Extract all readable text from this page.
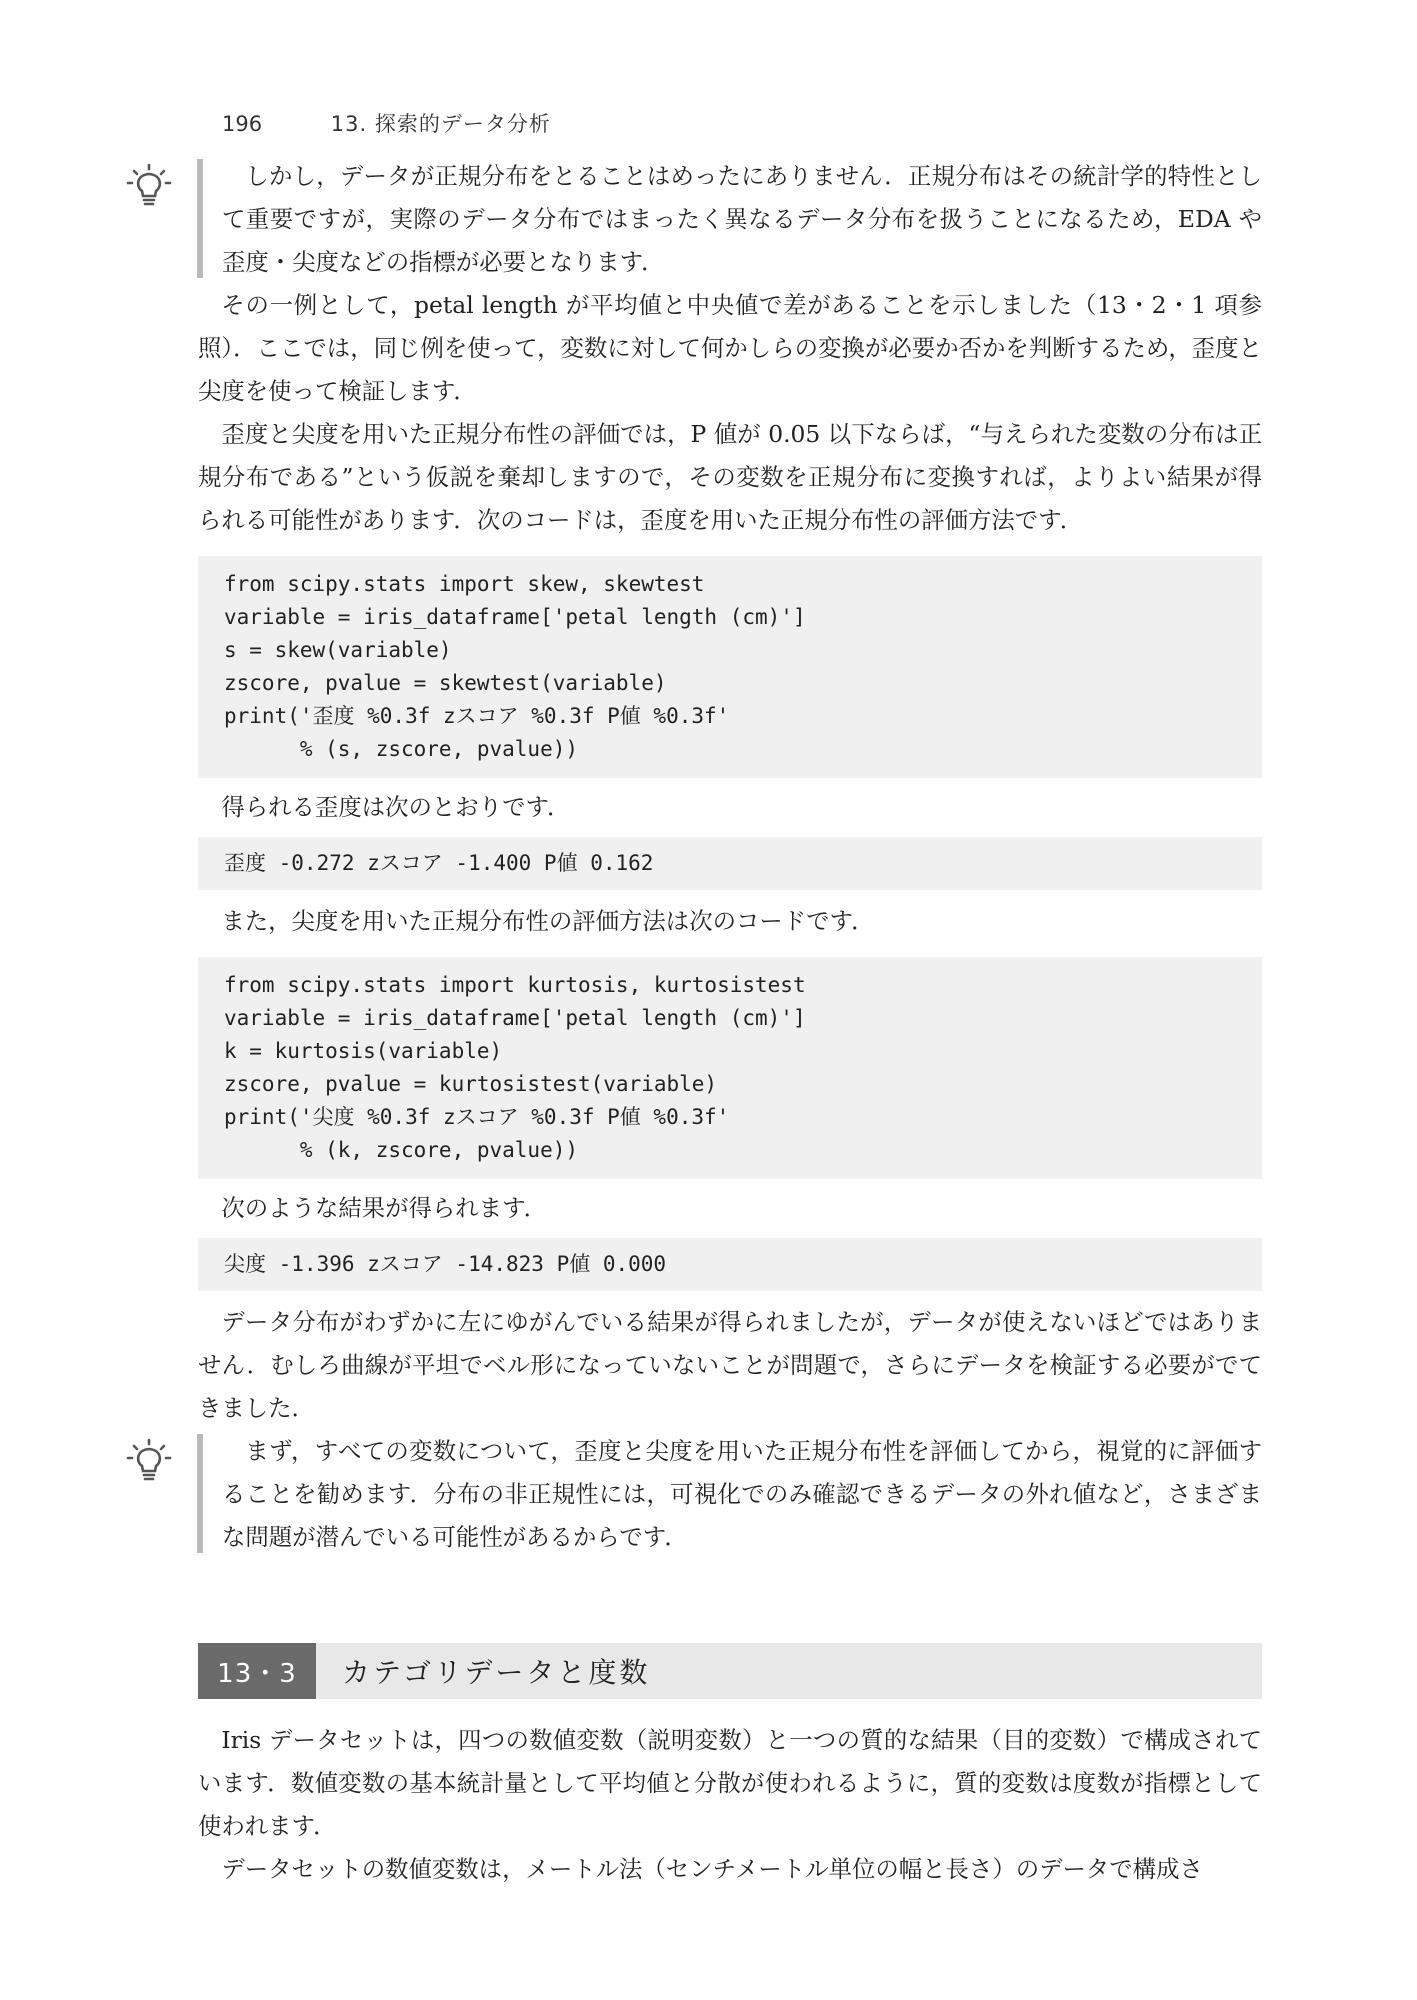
196	13. 探索的データ分析

しかし，データが正規分布をとることはめったにありません．正規分布はその統計学的特性として重要ですが，実際のデータ分布ではまったく異なるデータ分布を扱うことになるため，EDA や歪度・尖度などの指標が必要となります．

その一例として，petal length が平均値と中央値で差があることを示しました（13・2・1 項参照）．ここでは，同じ例を使って，変数に対して何かしらの変換が必要か否かを判断するため，歪度と尖度を使って検証します．

歪度と尖度を用いた正規分布性の評価では，P 値が 0.05 以下ならば，“与えられた変数の分布は正規分布である”という仮説を棄却しますので，その変数を正規分布に変換すれば，よりよい結果が得られる可能性があります．次のコードは，歪度を用いた正規分布性の評価方法です．

from scipy.stats import skew, skewtest
variable = iris_dataframe['petal length (cm)']
s = skew(variable)
zscore, pvalue = skewtest(variable)
print('歪度 %0.3f zスコア %0.3f P値 %0.3f'
% (s, zscore, pvalue))

得られる歪度は次のとおりです．

歪度 -0.272 zスコア -1.400 P値 0.162

また，尖度を用いた正規分布性の評価方法は次のコードです．

from scipy.stats import kurtosis, kurtosistest
variable = iris_dataframe['petal length (cm)']
k = kurtosis(variable)
zscore, pvalue = kurtosistest(variable)
print('尖度 %0.3f zスコア %0.3f P値 %0.3f'
% (k, zscore, pvalue))

次のような結果が得られます．

尖度 -1.396 zスコア -14.823 P値 0.000

データ分布がわずかに左にゆがんでいる結果が得られましたが，データが使えないほどではありません．むしろ曲線が平坦でベル形になっていないことが問題で，さらにデータを検証する必要がでてきました．

まず，すべての変数について，歪度と尖度を用いた正規分布性を評価してから，視覚的に評価することを勧めます．分布の非正規性には，可視化でのみ確認できるデータの外れ値など，さまざまな問題が潜んでいる可能性があるからです．

13・3	カテゴリデータと度数

Iris データセットは，四つの数値変数（説明変数）と一つの質的な結果（目的変数）で構成されています．数値変数の基本統計量として平均値と分散が使われるように，質的変数は度数が指標として使われます．

データセットの数値変数は，メートル法（センチメートル単位の幅と長さ）のデータで構成さ
